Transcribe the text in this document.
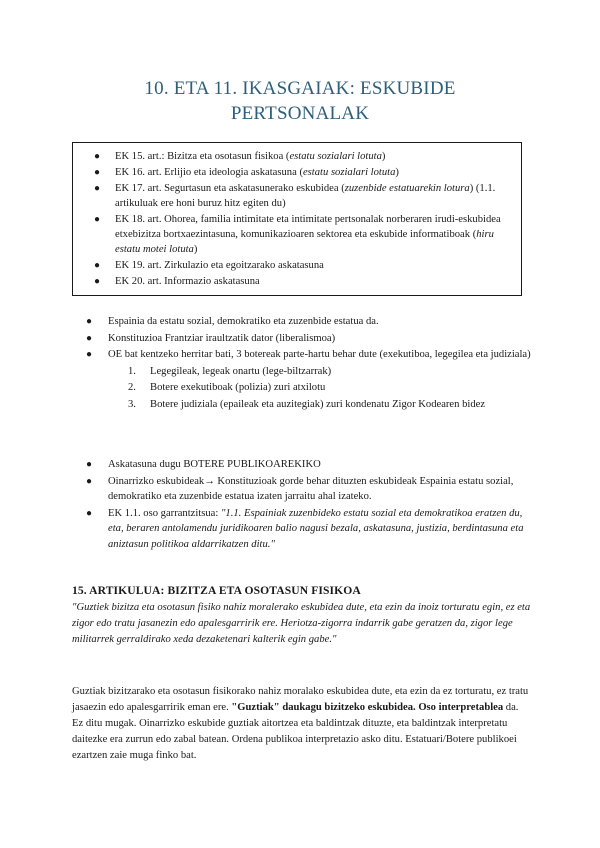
10. ETA 11. IKASGAIAK: ESKUBIDE
PERTSONALAK
● EK 15. art.: Bizitza eta osotasun fisikoa (estatu sozialari lotuta)
● EK 16. art. Erlijio eta ideologia askatasuna (estatu sozialari lotuta)
● EK 17. art. Segurtasun eta askatasunerako eskubidea (zuzenbide estatuarekin lotura) (1.1. artikuluak ere honi buruz hitz egiten du)
● EK 18. art. Ohorea, familia intimitate eta intimitate pertsonalak norberaren irudi-eskubidea etxebizitza bortxaezintasuna, komunikazioaren sektorea eta eskubide informatiboak (hiru estatu motei lotuta)
● EK 19. art. Zirkulazio eta egoitzarako askatasuna
● EK 20. art. Informazio askatasuna
● Espainia da estatu sozial, demokratiko eta zuzenbide estatua da.
● Konstituzioa Frantziar iraultzatik dator (liberalismoa)
● OE bat kentzeko herritar bati, 3 botereak parte-hartu behar dute (exekutiboa, legegilea eta judiziala)
1. Legegileak, legeak onartu (lege-biltzarrak)
2. Botere exekutiboak (polizia) zuri atxilotu
3. Botere judiziala (epaileak eta auzitegiak) zuri kondenatu Zigor Kodearen bidez
● Askatasuna dugu BOTERE PUBLIKOAREKIKO
● Oinarrizko eskubideak→ Konstituzioak gorde behar dituzten eskubideak Espainia estatu sozial, demokratiko eta zuzenbide estatua izaten jarraitu ahal izateko.
● EK 1.1. oso garrantzitsua: "1.1. Espainiak zuzenbideko estatu sozial eta demokratikoa eratzen du, eta, beraren antolamendu juridikoaren balio nagusi bezala, askatasuna, justizia, berdintasuna eta aniztasun politikoa aldarrikatzen ditu."
15. ARTIKULUA: BIZITZA ETA OSOTASUN FISIKOA
"Guztiek bizitza eta osotasun fisiko nahiz moralerako eskubidea dute, eta ezin da inoiz torturatu egin, ez eta zigor edo tratu jasanezin edo apalesgarririk ere. Heriotza-zigorra indarrik gabe geratzen da, zigor lege militarrek gerraldirako xeda dezaketenari kalterik egin gabe."
Guztiak bizitzarako eta osotasun fisikorako nahiz moralako eskubidea dute, eta ezin da ez torturatu, ez tratu jasaezin edo apalesgarririk eman ere. "Guztiak" daukagu bizitzeko eskubidea. Oso interpretablea da. Ez ditu mugak. Oinarrizko eskubide guztiak aitortzea eta baldintzak dituzte, eta baldintzak interpretatu daitezke era zurrun edo zabal batean. Ordena publikoa interpretazio asko ditu. Estatuari/Botere publikoei ezartzen zaie muga finko bat.
